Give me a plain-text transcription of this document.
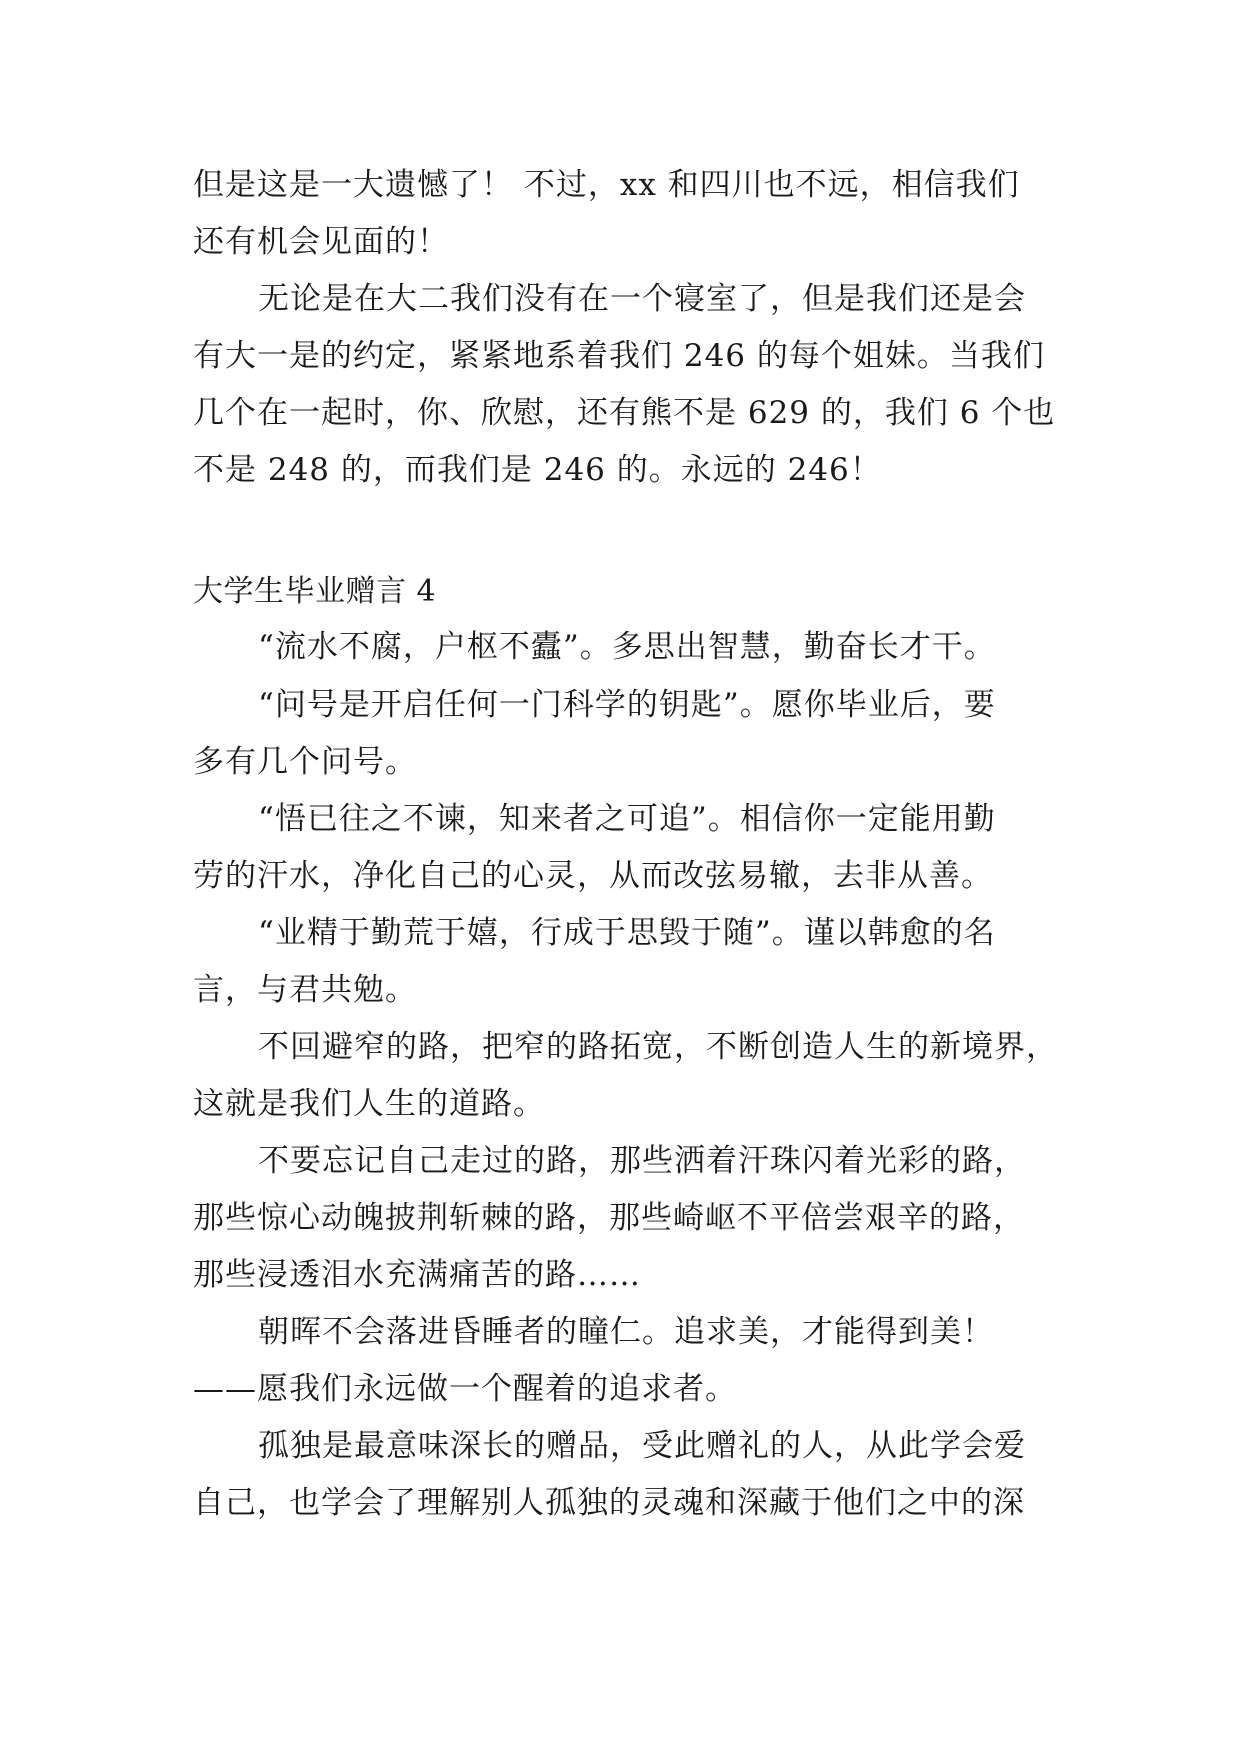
但是这是一大遗憾了！ 不过，xx 和四川也不远，相信我们
还有机会见面的！
无论是在大二我们没有在一个寝室了，但是我们还是会
有大一是的约定，紧紧地系着我们 246 的每个姐妹。当我们
几个在一起时，你、欣慰，还有熊不是 629 的，我们 6 个也
不是 248 的，而我们是 246 的。永远的 246！
大学生毕业赠言 4
“流水不腐，户枢不蠹”。多思出智慧，勤奋长才干。
“问号是开启任何一门科学的钥匙”。愿你毕业后，要
多有几个问号。
“悟已往之不谏，知来者之可追”。相信你一定能用勤
劳的汗水，净化自己的心灵，从而改弦易辙，去非从善。
“业精于勤荒于嬉，行成于思毁于随”。谨以韩愈的名
言，与君共勉。
不回避窄的路，把窄的路拓宽，不断创造人生的新境界，
这就是我们人生的道路。
不要忘记自己走过的路，那些洒着汗珠闪着光彩的路，
那些惊心动魄披荆斩棘的路，那些崎岖不平倍尝艰辛的路，
那些浸透泪水充满痛苦的路……
朝晖不会落进昏睡者的瞳仁。追求美，才能得到美！
——愿我们永远做一个醒着的追求者。
孤独是最意味深长的赠品，受此赠礼的人，从此学会爱
自己，也学会了理解别人孤独的灵魂和深藏于他们之中的深
